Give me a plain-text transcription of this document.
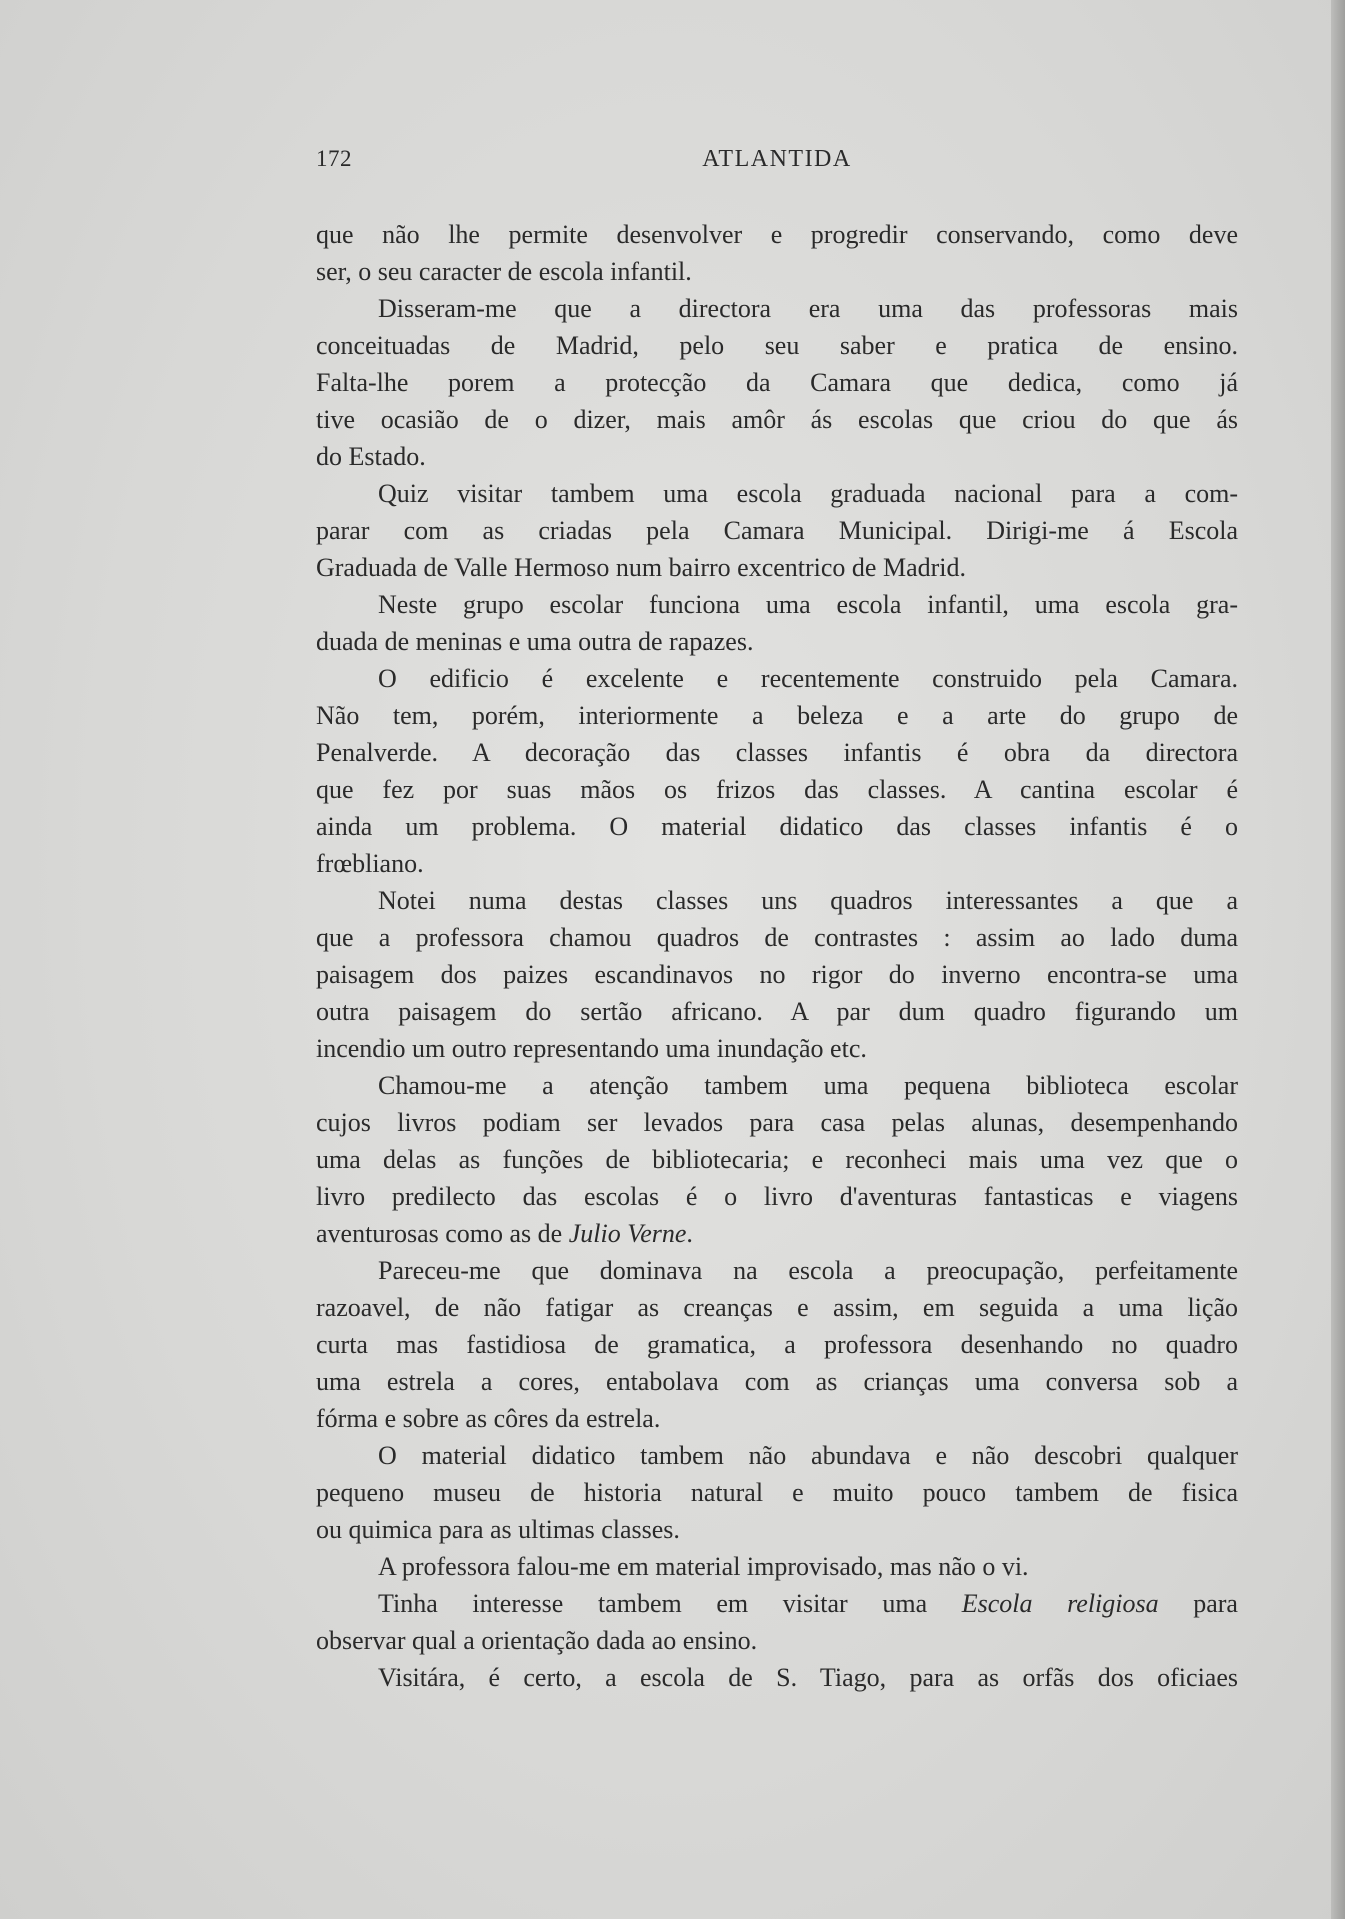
172	ATLANTIDA
que não lhe permite desenvolver e progredir conservando, como deve
ser, o seu caracter de escola infantil.
Disseram-me que a directora era uma das professoras mais
conceituadas de Madrid, pelo seu saber e pratica de ensino.
Falta-lhe porem a protecção da Camara que dedica, como já
tive ocasião de o dizer, mais amôr ás escolas que criou do que ás
do Estado.
Quiz visitar tambem uma escola graduada nacional para a com-
parar com as criadas pela Camara Municipal. Dirigi-me á Escola
Graduada de Valle Hermoso num bairro excentrico de Madrid.
Neste grupo escolar funciona uma escola infantil, uma escola gra-
duada de meninas e uma outra de rapazes.
O edificio é excelente e recentemente construido pela Camara.
Não tem, porém, interiormente a beleza e a arte do grupo de
Penalverde. A decoração das classes infantis é obra da directora
que fez por suas mãos os frizos das classes. A cantina escolar é
ainda um problema. O material didatico das classes infantis é o
frœbliano.
Notei numa destas classes uns quadros interessantes a que a
que a professora chamou quadros de contrastes : assim ao lado duma
paisagem dos paizes escandinavos no rigor do inverno encontra-se uma
outra paisagem do sertão africano. A par dum quadro figurando um
incendio um outro representando uma inundação etc.
Chamou-me a atenção tambem uma pequena biblioteca escolar
cujos livros podiam ser levados para casa pelas alunas, desempenhando
uma delas as funções de bibliotecaria; e reconheci mais uma vez que o
livro predilecto das escolas é o livro d'aventuras fantasticas e viagens
aventurosas como as de Julio Verne.
Pareceu-me que dominava na escola a preocupação, perfeitamente
razoavel, de não fatigar as creanças e assim, em seguida a uma lição
curta mas fastidiosa de gramatica, a professora desenhando no quadro
uma estrela a cores, entabolava com as crianças uma conversa sob a
fórma e sobre as côres da estrela.
O material didatico tambem não abundava e não descobri qualquer
pequeno museu de historia natural e muito pouco tambem de fisica
ou quimica para as ultimas classes.
A professora falou-me em material improvisado, mas não o vi.
Tinha interesse tambem em visitar uma Escola religiosa para
observar qual a orientação dada ao ensino.
Visitára, é certo, a escola de S. Tiago, para as orfãs dos oficiaes
